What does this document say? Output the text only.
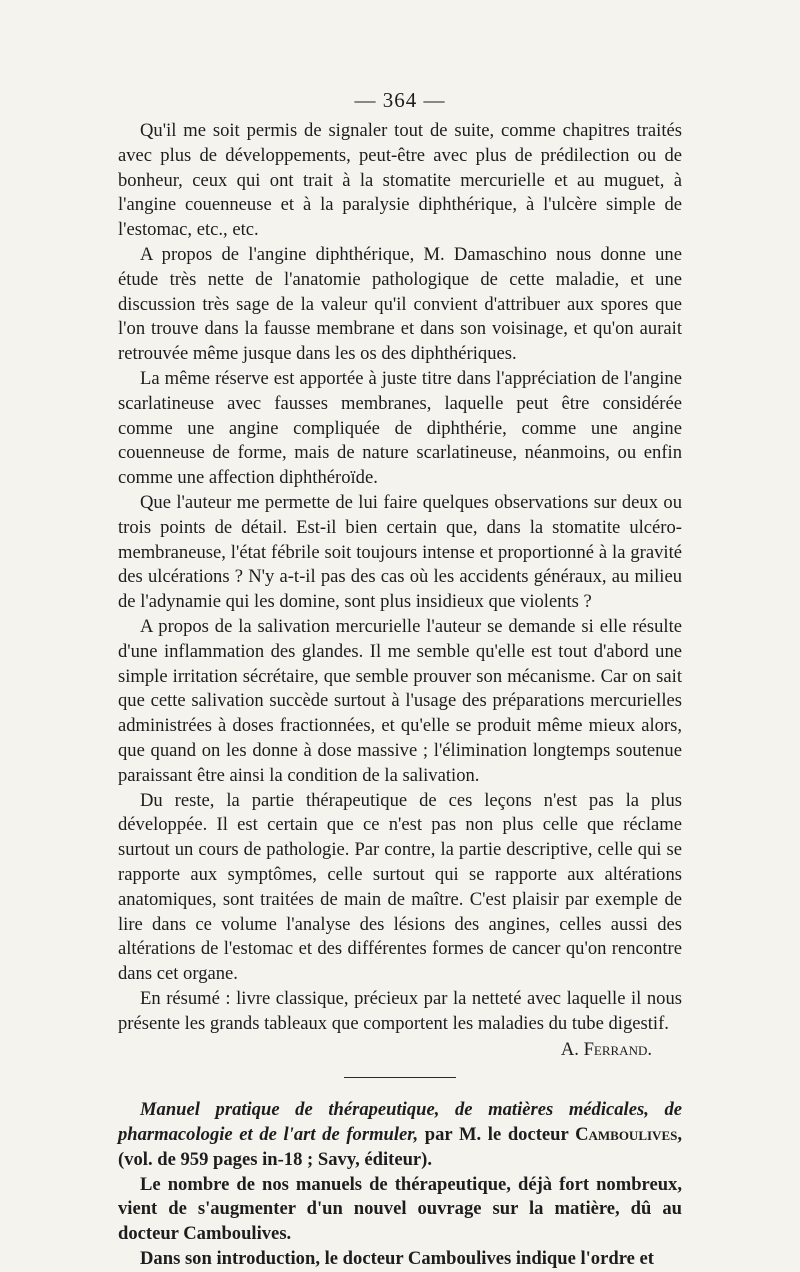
— 364 —

Qu'il me soit permis de signaler tout de suite, comme chapitres traités avec plus de développements, peut-être avec plus de prédilection ou de bonheur, ceux qui ont trait à la stomatite mercurielle et au muguet, à l'angine couenneuse et à la paralysie diphthérique, à l'ulcère simple de l'estomac, etc., etc.

A propos de l'angine diphthérique, M. Damaschino nous donne une étude très nette de l'anatomie pathologique de cette maladie, et une discussion très sage de la valeur qu'il convient d'attribuer aux spores que l'on trouve dans la fausse membrane et dans son voisinage, et qu'on aurait retrouvée même jusque dans les os des diphthériques.

La même réserve est apportée à juste titre dans l'appréciation de l'angine scarlatineuse avec fausses membranes, laquelle peut être considérée comme une angine compliquée de diphthérie, comme une angine couenneuse de forme, mais de nature scarlatineuse, néanmoins, ou enfin comme une affection diphthéroïde.

Que l'auteur me permette de lui faire quelques observations sur deux ou trois points de détail. Est-il bien certain que, dans la stomatite ulcéro-membraneuse, l'état fébrile soit toujours intense et proportionné à la gravité des ulcérations ? N'y a-t-il pas des cas où les accidents généraux, au milieu de l'adynamie qui les domine, sont plus insidieux que violents ?

A propos de la salivation mercurielle l'auteur se demande si elle résulte d'une inflammation des glandes. Il me semble qu'elle est tout d'abord une simple irritation sécrétaire, que semble prouver son mécanisme. Car on sait que cette salivation succède surtout à l'usage des préparations mercurielles administrées à doses fractionnées, et qu'elle se produit même mieux alors, que quand on les donne à dose massive ; l'élimination longtemps soutenue paraissant être ainsi la condition de la salivation.

Du reste, la partie thérapeutique de ces leçons n'est pas la plus développée. Il est certain que ce n'est pas non plus celle que réclame surtout un cours de pathologie. Par contre, la partie descriptive, celle qui se rapporte aux symptômes, celle surtout qui se rapporte aux altérations anatomiques, sont traitées de main de maître. C'est plaisir par exemple de lire dans ce volume l'analyse des lésions des angines, celles aussi des altérations de l'estomac et des différentes formes de cancer qu'on rencontre dans cet organe.

En résumé : livre classique, précieux par la netteté avec laquelle il nous présente les grands tableaux que comportent les maladies du tube digestif.

A. Ferrand.

Manuel pratique de thérapeutique, de matières médicales, de pharmacologie et de l'art de formuler, par M. le docteur Camboulives, (vol. de 959 pages in-18 ; Savy, éditeur).

Le nombre de nos manuels de thérapeutique, déjà fort nombreux, vient de s'augmenter d'un nouvel ouvrage sur la matière, dû au docteur Camboulives.

Dans son introduction, le docteur Camboulives indique l'ordre et
